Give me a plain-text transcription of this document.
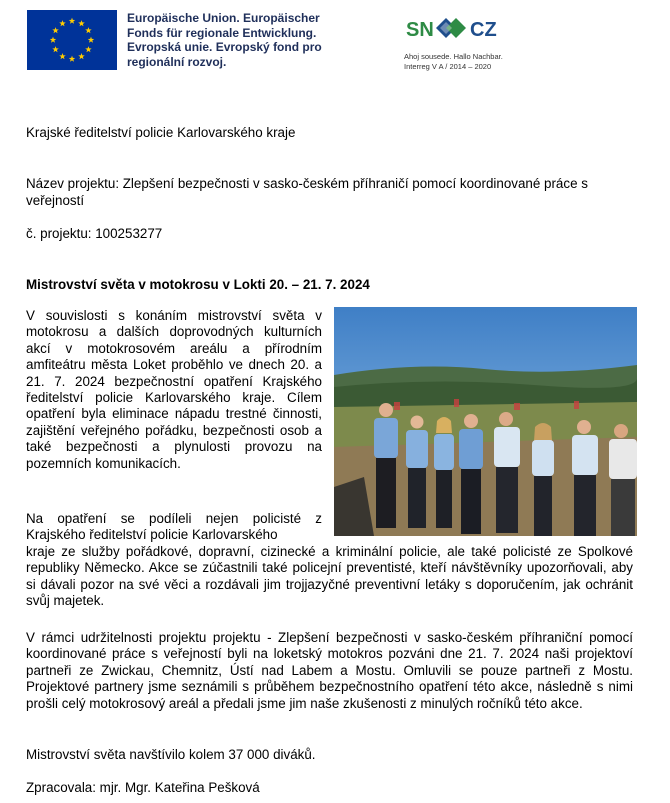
Europäische Union. Europäischer
Fonds für regionale Entwicklung.
Evropská unie. Evropský fond pro
regionální rozvoj.
SN CZ
Ahoj sousede. Hallo Nachbar.
Interreg V A / 2014 – 2020

Krajské ředitelství policie Karlovarského kraje

Název projektu: Zlepšení bezpečnosti v sasko-českém příhraničí pomocí koordinované práce s veřejností

č. projektu: 100253277

Mistrovství světa v motokrosu v Lokti 20. – 21. 7. 2024

V souvislosti s konáním mistrovství světa v motokrosu a dalších doprovodných kulturních akcí v motokrosovém areálu a přírodním amfiteátru města Loket proběhlo ve dnech 20. a 21. 7. 2024 bezpečnostní opatření Krajského ředitelství policie Karlovarského kraje. Cílem opatření byla eliminace nápadu trestné činnosti, zajištění veřejného pořádku, bezpečnosti osob a také bezpečnosti a plynulosti provozu na pozemních komunikacích.
Na opatření se podíleli nejen policisté z Krajského ředitelství policie Karlovarského
kraje ze služby pořádkové, dopravní, cizinecké a kriminální policie, ale také policisté ze Spolkové republiky Německo. Akce se zúčastnili také policejní preventisté, kteří návštěvníky upozorňovali, aby si dávali pozor na své věci a rozdávali jim trojjazyčné preventivní letáky s doporučením, jak ochránit svůj majetek.
V rámci udržitelnosti projektu projektu - Zlepšení bezpečnosti v sasko-českém příhraniční pomocí koordinované práce s veřejností byli na loketský motokros pozváni dne 21. 7. 2024 naši projektoví partneři ze Zwickau, Chemnitz, Ústí nad Labem a Mostu. Omluvili se pouze partneři z Mostu. Projektové partnery jsme seznámili s průběhem bezpečnostního opatření této akce, následně s nimi prošli celý motokrosový areál a předali jsme jim naše zkušenosti z minulých ročníků této akce.

Mistrovství světa navštívilo kolem 37 000 diváků.

Zpracovala: mjr. Mgr. Kateřina Pešková
